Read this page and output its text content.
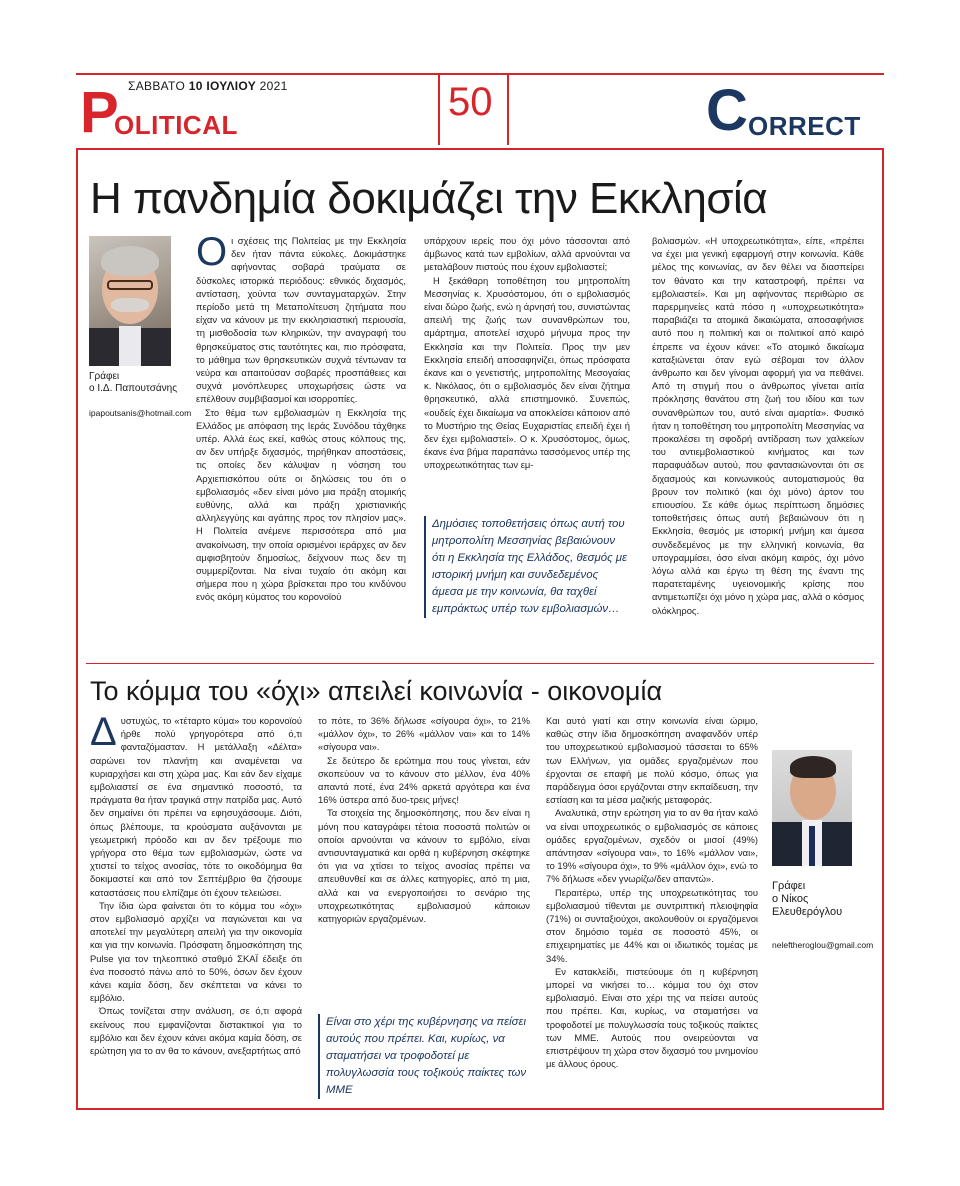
ΣΑΒΒΑΤΟ 10 ΙΟΥΛΙΟΥ 2021	50
P
OLITICAL	C ORRECT
Η πανδημία δοκιμάζει την Εκκλησία
Γράφει
ο Ι.Δ. Παπουτσάνης
ipapoutsanis@hotmail.com

Οι σχέσεις της Πολιτείας με την Εκκλησία δεν ήταν πάντα εύκολες. Δοκιμάστηκε αφήνοντας σοβαρά τραύματα σε δύσκολες ιστορικά περιόδους: εθνικός διχασμός, αντίσταση, χούντα των συνταγματαρχών. Στην περίοδο μετά τη Μεταπολίτευση ζητήματα που είχαν να κάνουν με την εκκλησιαστική περιουσία, τη μισθοδοσία των κληρικών, την αναγραφή του θρησκεύματος στις ταυτότητες και, πιο πρόσφατα, το μάθημα των θρησκευτικών συχνά τέντωναν τα νεύρα και απαιτούσαν σοβαρές προσπάθειες και συχνά μονόπλευρες υποχωρήσεις ώστε να επέλθουν συμβιβασμοί και ισορροπίες.

Στο θέμα των εμβολιασμών η Εκκλησία της Ελλάδος με απόφαση της Ιεράς Συνόδου τάχθηκε υπέρ. Αλλά έως εκεί, καθώς στους κόλπους της, αν δεν υπήρξε διχασμός, τηρήθηκαν αποστάσεις, τις οποίες δεν κάλυψαν η νόσηση του Αρχιεπισκόπου ούτε οι δηλώσεις του ότι ο εμβολιασμός «δεν είναι μόνο μια πράξη ατομικής ευθύνης, αλλά και πράξη χριστιανικής αλληλεγγύης και αγάπης προς τον πλησίον μας». Η Πολιτεία ανέμενε περισσότερα από μια ανακοίνωση, την οποία ορισμένοι ιεράρχες αν δεν αμφισβητούν δημοσίως, δείχνουν πως δεν τη συμμερίζονται. Να είναι τυχαίο ότι ακόμη και σήμερα που η χώρα βρίσκεται προ του κινδύνου ενός ακόμη κύματος του κορονοϊού

υπάρχουν ιερείς που όχι μόνο τάσσονται από άμβωνος κατά των εμβολίων, αλλά αρνούνται να μεταλάβουν πιστούς που έχουν εμβολιαστεί;

Η ξεκάθαρη τοποθέτηση του μητροπολίτη Μεσσηνίας κ. Χρυσόστομου, ότι ο εμβολιασμός είναι δώρο ζωής, ενώ η άρνησή του, συνιστώντας απειλή της ζωής των συνανθρώπων του, αμάρτημα, αποτελεί ισχυρό μήνυμα προς την Εκκλησία και την Πολιτεία. Προς την μεν Εκκλησία επειδή αποσαφηνίζει, όπως πρόσφατα έκανε και ο γενετιστής, μητροπολίτης Μεσογαίας κ. Νικόλαος, ότι ο εμβολιασμός δεν είναι ζήτημα θρησκευτικό, αλλά επιστημονικό. Συνεπώς, «ουδείς έχει δικαίωμα να αποκλείσει κάποιον από το Μυστήριο της Θείας Ευχαριστίας επειδή έχει ή δεν έχει εμβολιαστεί». Ο κ. Χρυσόστομος, όμως, έκανε ένα βήμα παραπάνω τασσόμενος υπέρ της υποχρεωτικότητας των εμ-

Δημόσιες τοποθετήσεις όπως αυτή του μητροπολίτη Μεσσηνίας βεβαιώνουν ότι η Εκκλησία της Ελλάδος, θεσμός με ιστορική μνήμη και συνδεδεμένος άμεσα με την κοινωνία, θα ταχθεί εμπράκτως υπέρ των εμβολιασμών…

βολιασμών. «Η υποχρεωτικότητα», είπε, «πρέπει να έχει μια γενική εφαρμογή στην κοινωνία. Κάθε μέλος της κοινωνίας, αν δεν θέλει να διασπείρει τον θάνατο και την καταστροφή, πρέπει να εμβολιαστεί». Και μη αφήνοντας περιθώριο σε παρερμηνείες κατά πόσο η «υποχρεωτικότητα» παραβιάζει τα ατομικά δικαιώματα, αποσαφήνισε αυτό που η πολιτική και οι πολιτικοί από καιρό έπρεπε να έχουν κάνει: «Το ατομικό δικαίωμα καταξιώνεται όταν εγώ σέβομαι τον άλλον άνθρωπο και δεν γίνομαι αφορμή για να πεθάνει. Από τη στιγμή που ο άνθρωπος γίνεται αιτία πρόκλησης θανάτου στη ζωή του ιδίου και των συνανθρώπων του, αυτό είναι αμαρτία». Φυσικό ήταν η τοποθέτηση του μητροπολίτη Μεσσηνίας να προκαλέσει τη σφοδρή αντίδραση των χαλκείων του αντιεμβολιαστικού κινήματος και των παραφυάδων αυτού, που φαντασιώνονται ότι σε διχασμούς και κοινωνικούς αυτοματισμούς θα βρουν τον πολιτικό (και όχι μόνο) άρτον του επιουσίου. Σε κάθε όμως περίπτωση δημόσιες τοποθετήσεις όπως αυτή βεβαιώνουν ότι η Εκκλησία, θεσμός με ιστορική μνήμη και άμεσα συνδεδεμένος με την ελληνική κοινωνία, θα υπογραμμίσει, όσο είναι ακόμη καιρός, όχι μόνο λόγω αλλά και έργω τη θέση της έναντι της παρατεταμένης υγειονομικής κρίσης που αντιμετωπίζει όχι μόνο η χώρα μας, αλλά ο κόσμος ολόκληρος.

Το κόμμα του «όχι» απειλεί κοινωνία - οικονομία

Δυστυχώς, το «τέταρτο κύμα» του κορονοϊού ήρθε πολύ γρηγορότερα από ό,τι φανταζόμασταν. Η μετάλλαξη «Δέλτα» σαρώνει τον πλανήτη και αναμένεται να κυριαρχήσει και στη χώρα μας. Και εάν δεν είχαμε εμβολιαστεί σε ένα σημαντικό ποσοστό, τα πράγματα θα ήταν τραγικά στην πατρίδα μας. Αυτό δεν σημαίνει ότι πρέπει να εφησυχάσουμε. Διότι, όπως βλέπουμε, τα κρούσματα αυξάνονται με γεωμετρική πρόοδο και αν δεν τρέξουμε πιο γρήγορα στο θέμα των εμβολιασμών, ώστε να χτιστεί το τείχος ανοσίας, τότε το οικοδόμημα θα δοκιμαστεί και από τον Σεπτέμβριο θα ζήσουμε καταστάσεις που ελπίζαμε ότι έχουν τελειώσει.

Την ίδια ώρα φαίνεται ότι το κόμμα του «όχι» στον εμβολιασμό αρχίζει να παγιώνεται και να αποτελεί την μεγαλύτερη απειλή για την οικονομία και για την κοινωνία. Πρόσφατη δημοσκόπηση της Pulse για τον τηλεοπτικό σταθμό ΣΚΑΪ έδειξε ότι ένα ποσοστό πάνω από το 50%, όσων δεν έχουν κάνει καμία δόση, δεν σκέπτεται να κάνει το εμβόλιο.

Όπως τονίζεται στην ανάλυση, σε ό,τι αφορά εκείνους που εμφανίζονται διστακτικοί για το εμβόλιο και δεν έχουν κάνει ακόμα καμία δόση, σε ερώτηση για το αν θα το κάνουν, ανεξαρτήτως από

το πότε, το 36% δήλωσε «σίγουρα όχι», το 21% «μάλλον όχι», το 26% «μάλλον ναι» και το 14% «σίγουρα ναι».

Σε δεύτερο δε ερώτημα που τους γίνεται, εάν σκοπεύουν να το κάνουν στο μέλλον, ένα 40% απαντά ποτέ, ένα 24% αρκετά αργότερα και ένα 16% ύστερα από δυο-τρεις μήνες!

Τα στοιχεία της δημοσκόπησης, που δεν είναι η μόνη που καταγράφει τέτοια ποσοστά πολιτών οι οποίοι αρνούνται να κάνουν το εμβόλιο, είναι αντισυνταγματικά και ορθά η κυβέρνηση σκέφτηκε ότι για να χτίσει το τείχος ανοσίας πρέπει να απευθυνθεί και σε άλλες κατηγορίες, από τη μια, αλλά και να ενεργοποιήσει το σενάριο της υποχρεωτικότητας εμβολιασμού κάποιων κατηγοριών εργαζομένων.

Είναι στο χέρι της κυβέρνησης να πείσει αυτούς που πρέπει. Και, κυρίως, να σταματήσει να τροφοδοτεί με πολυγλωσσία τους τοξικούς παίκτες των ΜΜΕ

Και αυτό γιατί και στην κοινωνία είναι ώριμο, καθώς στην ίδια δημοσκόπηση αναφανδόν υπέρ του υποχρεωτικού εμβολιασμού τάσσεται το 65% των Ελλήνων, για ομάδες εργαζομένων που έρχονται σε επαφή με πολύ κόσμο, όπως για παράδειγμα όσοι εργάζονται στην εκπαίδευση, την εστίαση και τα μέσα μαζικής μεταφοράς.

Αναλυτικά, στην ερώτηση για το αν θα ήταν καλό να είναι υποχρεωτικός ο εμβολιασμός σε κάποιες ομάδες εργαζομένων, σχεδόν οι μισοί (49%) απάντησαν «σίγουρα ναι», το 16% «μάλλον ναι», το 19% «σίγουρα όχι», το 9% «μάλλον όχι», ενώ το 7% δήλωσε «δεν γνωρίζω/δεν απαντώ».

Περαιτέρω, υπέρ της υποχρεωτικότητας του εμβολιασμού τίθενται με συντριπτική πλειοψηφία (71%) οι συνταξιούχοι, ακολουθούν οι εργαζόμενοι στον δημόσιο τομέα σε ποσοστό 45%, οι επιχειρηματίες με 44% και οι ιδιωτικός τομέας με 34%.

Εν κατακλείδι, πιστεύουμε ότι η κυβέρνηση μπορεί να νικήσει το… κόμμα του όχι στον εμβολιασμό. Είναι στο χέρι της να πείσει αυτούς που πρέπει. Και, κυρίως, να σταματήσει να τροφοδοτεί με πολυγλωσσία τους τοξικούς παίκτες των ΜΜΕ. Αυτούς που ονειρεύονται να επιστρέψουν τη χώρα στον διχασμό του μνημονίου με άλλους όρους.

Γράφει
ο Νίκος Ελευθερόγλου
neleftheroglou@gmail.com
